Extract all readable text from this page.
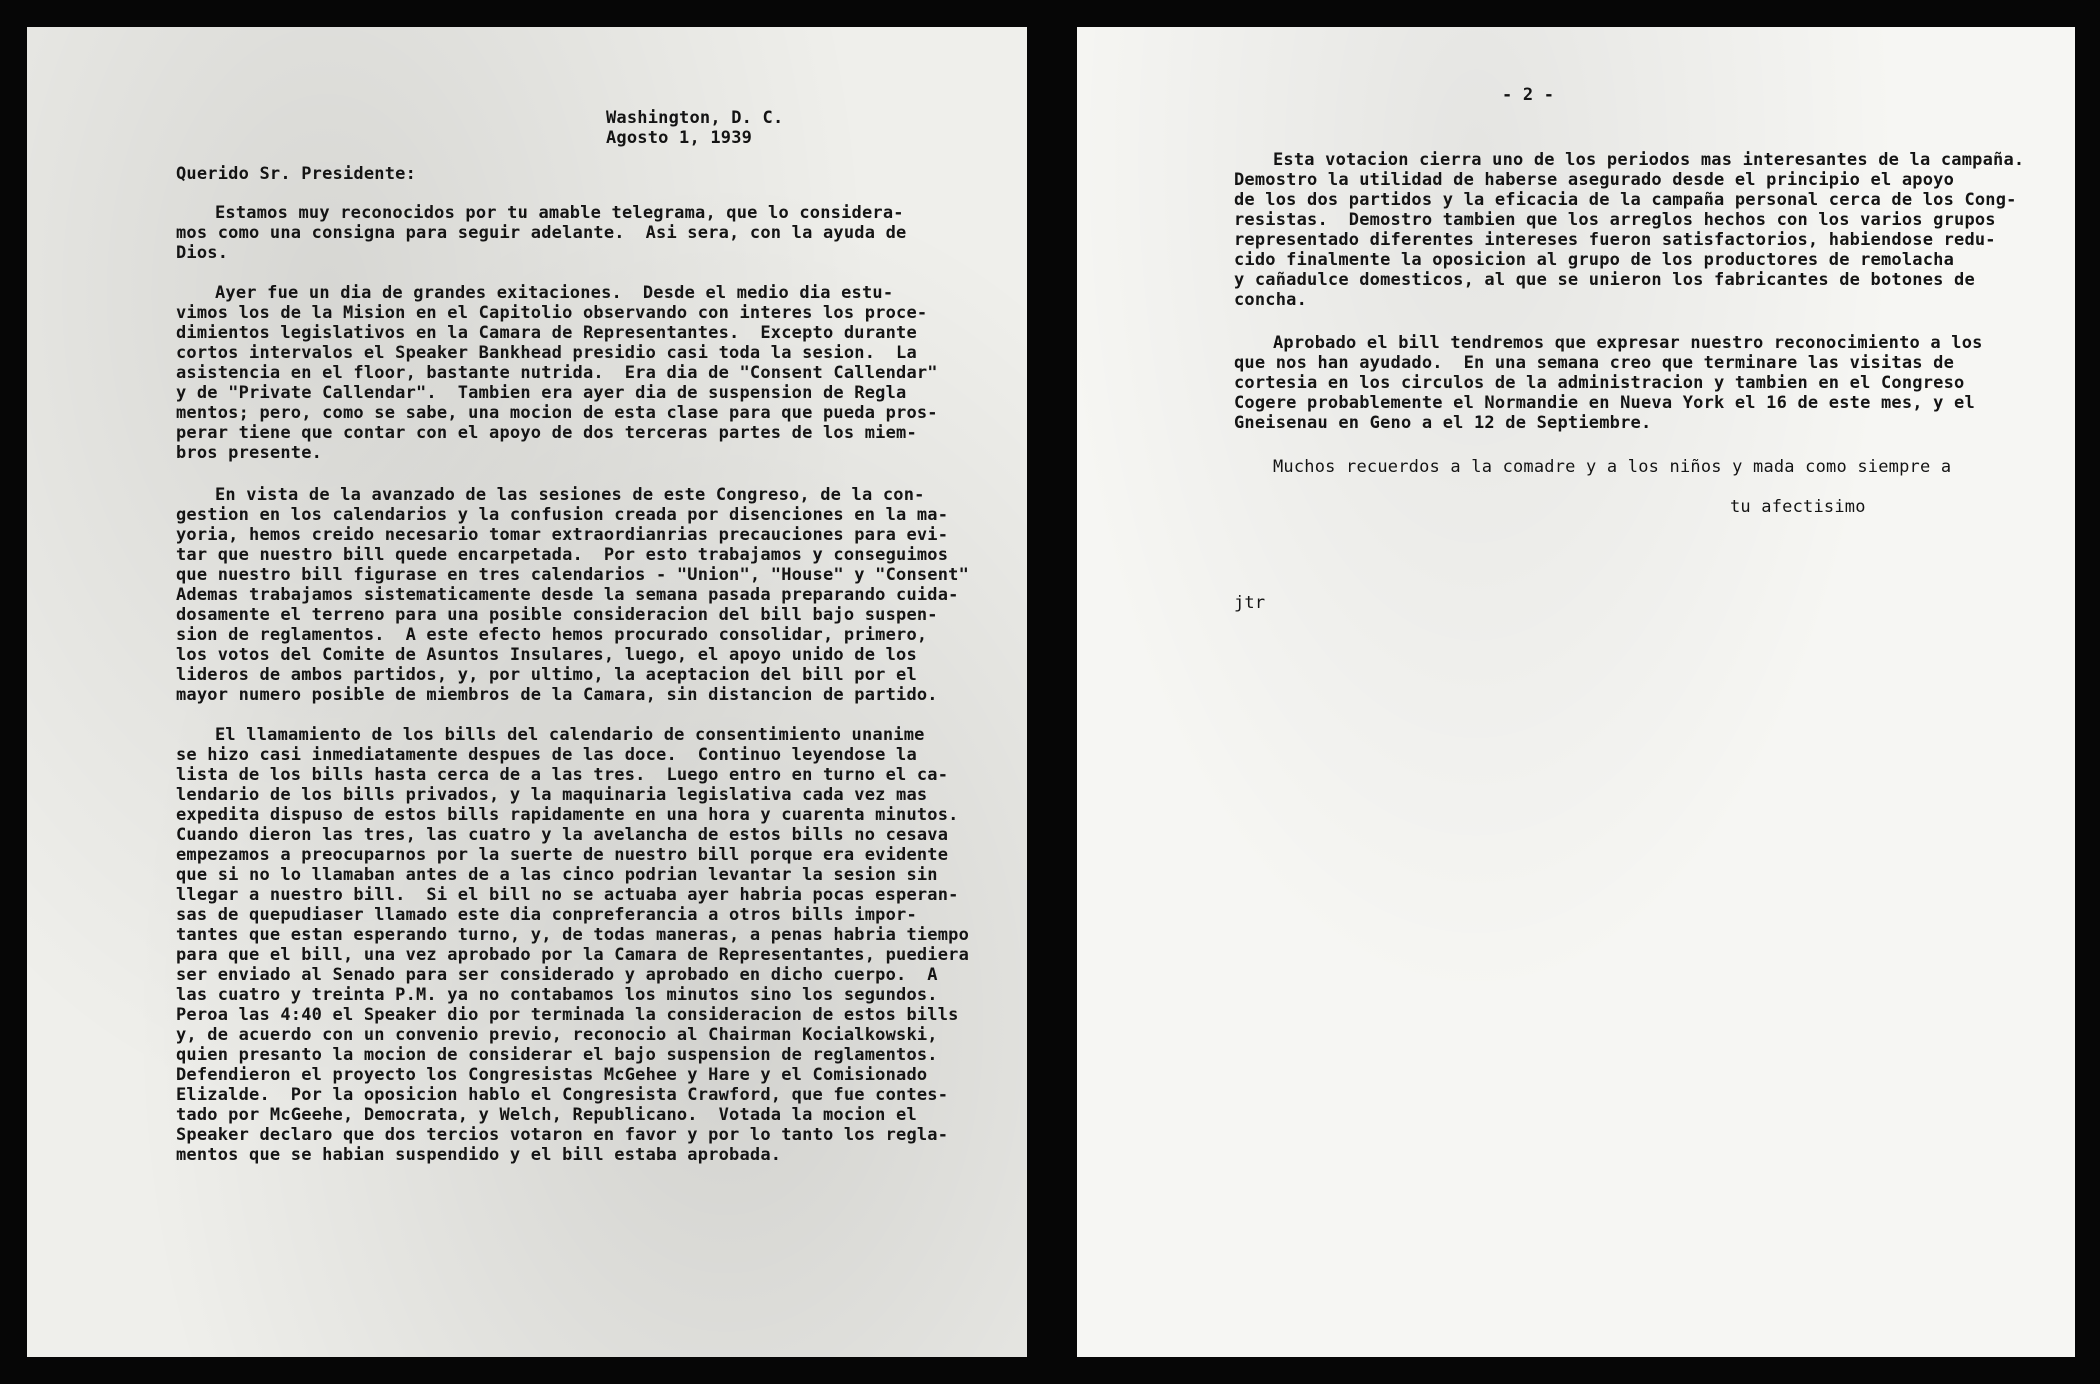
Washington, D. C.
Agosto 1, 1939
Querido Sr. Presidente:
Estamos muy reconocidos por tu amable telegrama, que lo considera-
mos como una consigna para seguir adelante.  Asi sera, con la ayuda de
Dios.
Ayer fue un dia de grandes exitaciones.  Desde el medio dia estu-
vimos los de la Mision en el Capitolio observando con interes los proce-
dimientos legislativos en la Camara de Representantes.  Excepto durante
cortos intervalos el Speaker Bankhead presidio casi toda la sesion.  La
asistencia en el floor, bastante nutrida.  Era dia de "Consent Callendar"
y de "Private Callendar".  Tambien era ayer dia de suspension de Regla
mentos; pero, como se sabe, una mocion de esta clase para que pueda pros-
perar tiene que contar con el apoyo de dos terceras partes de los miem-
bros presente.
En vista de la avanzado de las sesiones de este Congreso, de la con-
gestion en los calendarios y la confusion creada por disenciones en la ma-
yoria, hemos creido necesario tomar extraordianrias precauciones para evi-
tar que nuestro bill quede encarpetada.  Por esto trabajamos y conseguimos
que nuestro bill figurase en tres calendarios - "Union", "House" y "Consent"
Ademas trabajamos sistematicamente desde la semana pasada preparando cuida-
dosamente el terreno para una posible consideracion del bill bajo suspen-
sion de reglamentos.  A este efecto hemos procurado consolidar, primero,
los votos del Comite de Asuntos Insulares, luego, el apoyo unido de los
lideros de ambos partidos, y, por ultimo, la aceptacion del bill por el
mayor numero posible de miembros de la Camara, sin distancion de partido.
El llamamiento de los bills del calendario de consentimiento unanime
se hizo casi inmediatamente despues de las doce.  Continuo leyendose la
lista de los bills hasta cerca de a las tres.  Luego entro en turno el ca-
lendario de los bills privados, y la maquinaria legislativa cada vez mas
expedita dispuso de estos bills rapidamente en una hora y cuarenta minutos.
Cuando dieron las tres, las cuatro y la avelancha de estos bills no cesava
empezamos a preocuparnos por la suerte de nuestro bill porque era evidente
que si no lo llamaban antes de a las cinco podrian levantar la sesion sin
llegar a nuestro bill.  Si el bill no se actuaba ayer habria pocas esperan-
sas de quepudiaser llamado este dia conpreferancia a otros bills impor-
tantes que estan esperando turno, y, de todas maneras, a penas habria tiempo
para que el bill, una vez aprobado por la Camara de Representantes, puediera
ser enviado al Senado para ser considerado y aprobado en dicho cuerpo.  A
las cuatro y treinta P.M. ya no contabamos los minutos sino los segundos.
Peroa las 4:40 el Speaker dio por terminada la consideracion de estos bills
y, de acuerdo con un convenio previo, reconocio al Chairman Kocialkowski,
quien presanto la mocion de considerar el bajo suspension de reglamentos.
Defendieron el proyecto los Congresistas McGehee y Hare y el Comisionado
Elizalde.  Por la oposicion hablo el Congresista Crawford, que fue contes-
tado por McGeehe, Democrata, y Welch, Republicano.  Votada la mocion el
Speaker declaro que dos tercios votaron en favor y por lo tanto los regla-
mentos que se habian suspendido y el bill estaba aprobada.
- 2 -
Esta votacion cierra uno de los periodos mas interesantes de la campaña.
Demostro la utilidad de haberse asegurado desde el principio el apoyo
de los dos partidos y la eficacia de la campaña personal cerca de los Cong-
resistas.  Demostro tambien que los arreglos hechos con los varios grupos
representado diferentes intereses fueron satisfactorios, habiendose redu-
cido finalmente la oposicion al grupo de los productores de remolacha
y cañadulce domesticos, al que se unieron los fabricantes de botones de
concha.
Aprobado el bill tendremos que expresar nuestro reconocimiento a los
que nos han ayudado.  En una semana creo que terminare las visitas de
cortesia en los circulos de la administracion y tambien en el Congreso
Cogere probablemente el Normandie en Nueva York el 16 de este mes, y el
Gneisenau en Geno a el 12 de Septiembre.
Muchos recuerdos a la comadre y a los niños y mada como siempre a
tu afectisimo
jtr
